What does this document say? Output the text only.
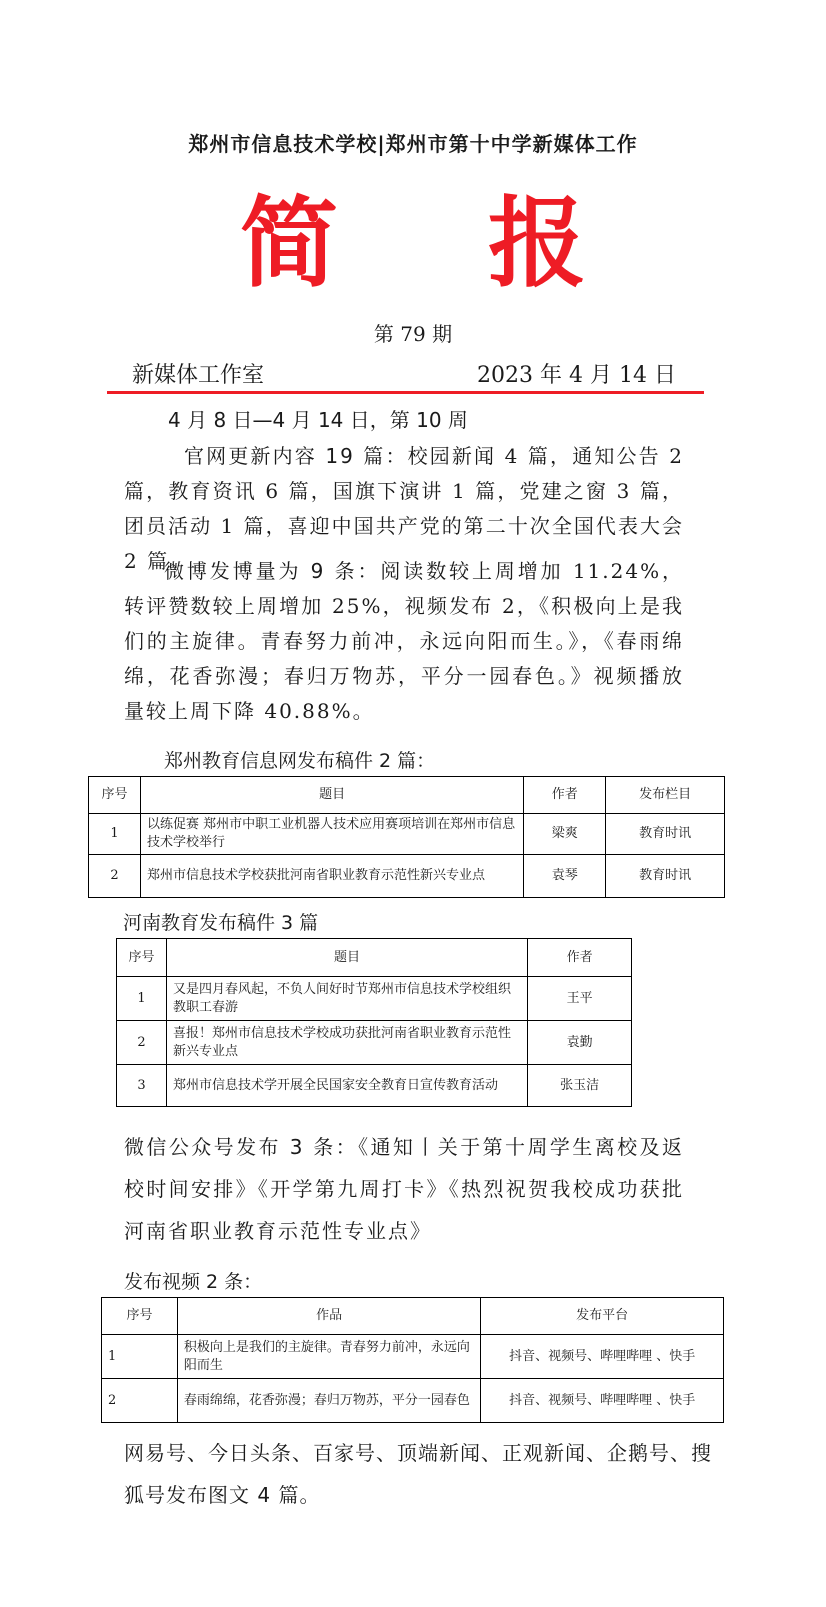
郑州市信息技术学校|郑州市第十中学新媒体工作
简 报
第 79 期
新媒体工作室	2023 年 4 月 14 日
4 月 8 日—4 月 14 日，第 10 周
官网更新内容 19 篇：校园新闻 4 篇，通知公告 2 篇，教育资讯 6 篇，国旗下演讲 1 篇，党建之窗 3 篇，团员活动 1 篇，喜迎中国共产党的第二十次全国代表大会 2 篇。
微博发博量为 9 条：阅读数较上周增加 11.24%，转评赞数较上周增加 25%，视频发布 2，《积极向上是我们的主旋律。青春努力前冲，永远向阳而生。》，《春雨绵绵，花香弥漫；春归万物苏，平分一园春色。》视频播放量较上周下降 40.88%。
郑州教育信息网发布稿件 2 篇：
序号	题目	作者	发布栏目
1	以练促赛 郑州市中职工业机器人技术应用赛项培训在郑州市信息技术学校举行	梁爽	教育时讯
2	郑州市信息技术学校获批河南省职业教育示范性新兴专业点	袁琴	教育时讯
河南教育发布稿件 3 篇
序号	题目	作者
1	又是四月春风起，不负人间好时节郑州市信息技术学校组织教职工春游	王平
2	喜报！郑州市信息技术学校成功获批河南省职业教育示范性新兴专业点	袁勤
3	郑州市信息技术学开展全民国家安全教育日宣传教育活动	张玉洁
微信公众号发布 3 条：《通知丨关于第十周学生离校及返校时间安排》《开学第九周打卡》《热烈祝贺我校成功获批河南省职业教育示范性专业点》
发布视频 2 条：
序号	作品	发布平台
1	积极向上是我们的主旋律。青春努力前冲，永远向阳而生	抖音、视频号、哔哩哔哩 、快手
2	春雨绵绵，花香弥漫；春归万物苏，平分一园春色	抖音、视频号、哔哩哔哩 、快手
网易号、今日头条、百家号、顶端新闻、正观新闻、企鹅号、搜狐号发布图文 4 篇。
